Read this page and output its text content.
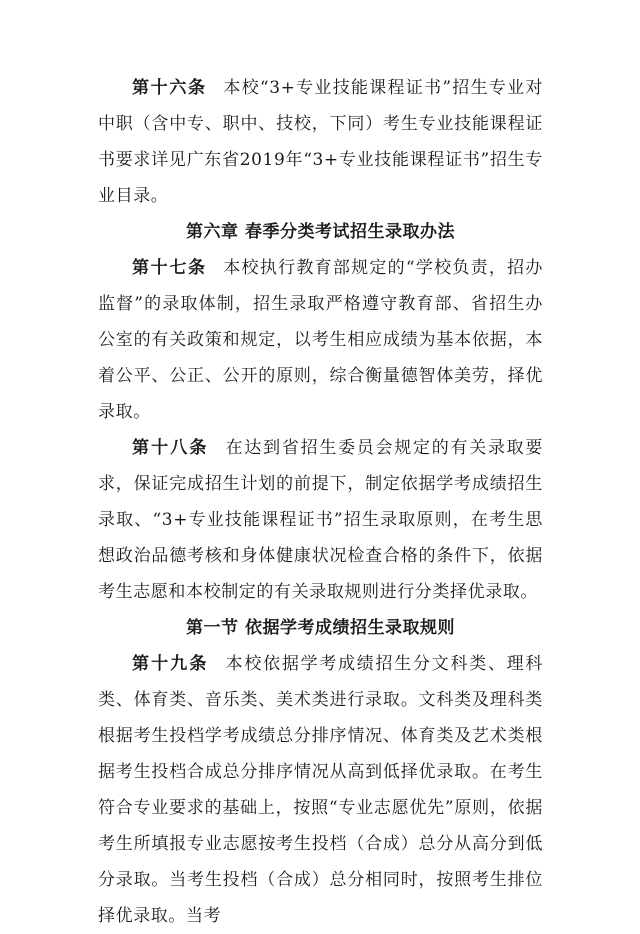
第十六条 本校“3+专业技能课程证书”招生专业对中职（含中专、职中、技校，下同）考生专业技能课程证书要求详见广东省2019年“3+专业技能课程证书”招生专业目录。

第六章 春季分类考试招生录取办法

第十七条 本校执行教育部规定的“学校负责，招办监督”的录取体制，招生录取严格遵守教育部、省招生办公室的有关政策和规定，以考生相应成绩为基本依据，本着公平、公正、公开的原则，综合衡量德智体美劳，择优录取。

第十八条 在达到省招生委员会规定的有关录取要求，保证完成招生计划的前提下，制定依据学考成绩招生录取、“3+专业技能课程证书”招生录取原则，在考生思想政治品德考核和身体健康状况检查合格的条件下，依据考生志愿和本校制定的有关录取规则进行分类择优录取。

第一节 依据学考成绩招生录取规则

第十九条 本校依据学考成绩招生分文科类、理科类、体育类、音乐类、美术类进行录取。文科类及理科类根据考生投档学考成绩总分排序情况、体育类及艺术类根据考生投档合成总分排序情况从高到低择优录取。在考生符合专业要求的基础上，按照“专业志愿优先”原则，依据考生所填报专业志愿按考生投档（合成）总分从高分到低分录取。当考生投档（合成）总分相同时，按照考生排位择优录取。当考
